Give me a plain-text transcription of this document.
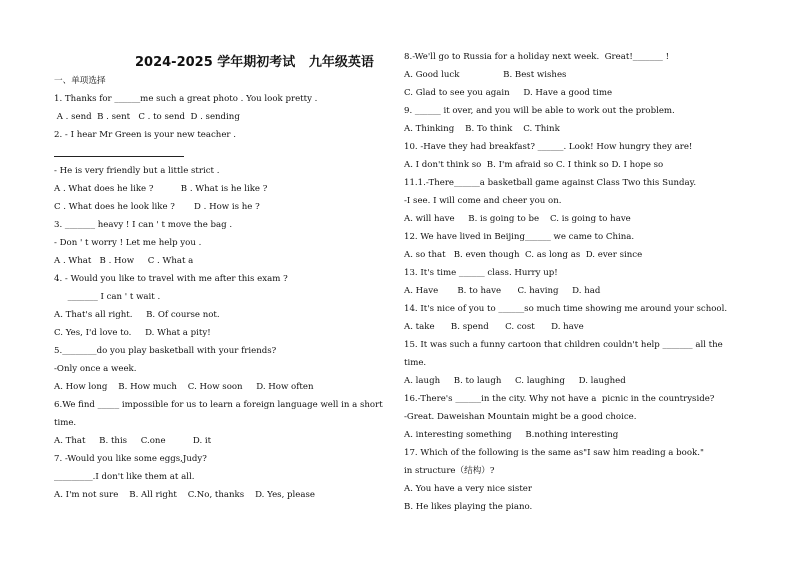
2024-2025 学年期初考试   九年级英语
一、单项选择
1. Thanks for ______me such a great photo . You look pretty .
A . send  B . sent   C . to send  D . sending
2. - I hear Mr Green is your new teacher .
- He is very friendly but a little strict .
A . What does he like ?          B . What is he like ?
C . What does he look like ?       D . How is he ?
3. _______ heavy ! I can ' t move the bag .
- Don ' t worry ! Let me help you .
A . What   B . How     C . What a
4. - Would you like to travel with me after this exam ?
_______ I can ' t wait .
A. That's all right.     B. Of course not.
C. Yes, I'd love to.     D. What a pity!
5.________do you play basketball with your friends?
-Only once a week.
A. How long    B. How much    C. How soon     D. How often
6.We find _____ impossible for us to learn a foreign language well in a short
time.
A. That     B. this     C.one          D. it
7. -Would you like some eggs,Judy?
_________.I don't like them at all.
A. I'm not sure    B. All right    C.No, thanks    D. Yes, please
8.-We'll go to Russia for a holiday next week.  Great!_______ !
A. Good luck                B. Best wishes
C. Glad to see you again     D. Have a good time
9. ______ it over, and you will be able to work out the problem.
A. Thinking    B. To think    C. Think
10. -Have they had breakfast? ______. Look! How hungry they are!
A. I don't think so  B. I'm afraid so C. I think so D. I hope so
11.1.-There______a basketball game against Class Two this Sunday.
-I see. I will come and cheer you on.
A. will have     B. is going to be    C. is going to have
12. We have lived in Beijing______ we came to China.
A. so that   B. even though  C. as long as  D. ever since
13. It's time ______ class. Hurry up!
A. Have       B. to have      C. having     D. had
14. It's nice of you to ______so much time showing me around your school.
A. take      B. spend      C. cost      D. have
15. It was such a funny cartoon that children couldn't help _______ all the
time.
A. laugh     B. to laugh     C. laughing     D. laughed
16.-There's ______in the city. Why not have a  picnic in the countryside?
-Great. Daweishan Mountain might be a good choice.
A. interesting something     B.nothing interesting
17. Which of the following is the same as"I saw him reading a book."
in structure（结构）?
A. You have a very nice sister
B. He likes playing the piano.
